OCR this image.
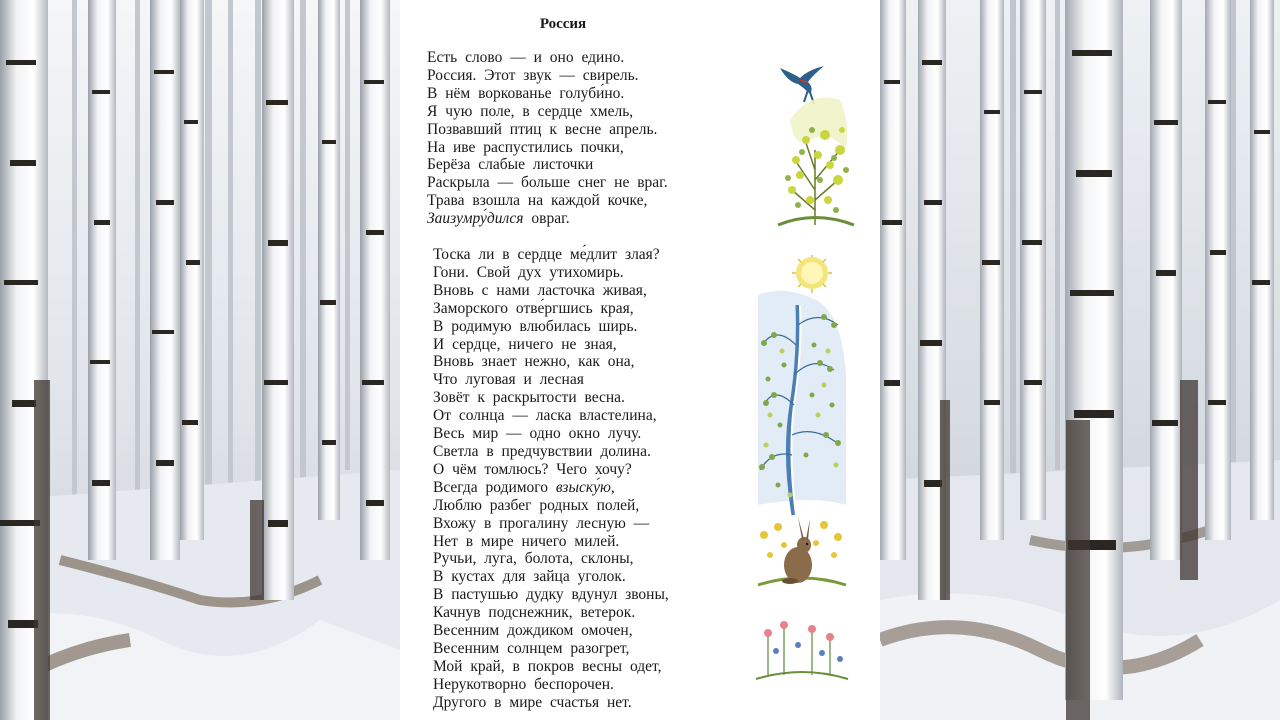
Россия
Есть слово — и оно едино.
Россия. Этот звук — свирель.
В нём воркованье голуби́но.
Я чую поле, в сердце хмель,
Позвавший птиц к весне апрель.
На иве распустились почки,
Берёза слабые листочки
Раскрыла — больше снег не враг.
Трава взошла на каждой кочке,
Заизумру́дился овраг.
Тоска ли в сердце ме́длит злая?
Гони. Свой дух утихомирь.
Вновь с нами ласточка живая,
Заморского отве́ргшись края,
В родимую влюбилась ширь.
И сердце, ничего не зная,
Вновь знает нежно, как она,
Что луговая и лесная
Зовёт к раскрытости весна.
От солнца — ласка властелина,
Весь мир — одно окно лучу.
Светла в предчувствии долина.
О чём томлюсь? Чего хочу?
Всегда родимого взыску́ю,
Люблю разбег родных полей,
Вхожу в прогалину лесную —
Нет в мире ничего милей.
Ручьи, луга, болота, склоны,
В кустах для зайца уголок.
В пастушью дудку вдунул звоны,
Качнув подснежник, ветерок.
Весенним дождиком омочен,
Весенним солнцем разогрет,
Мой край, в покров весны одет,
Нерукотворно беспорочен.
Другого в мире счастья нет.
